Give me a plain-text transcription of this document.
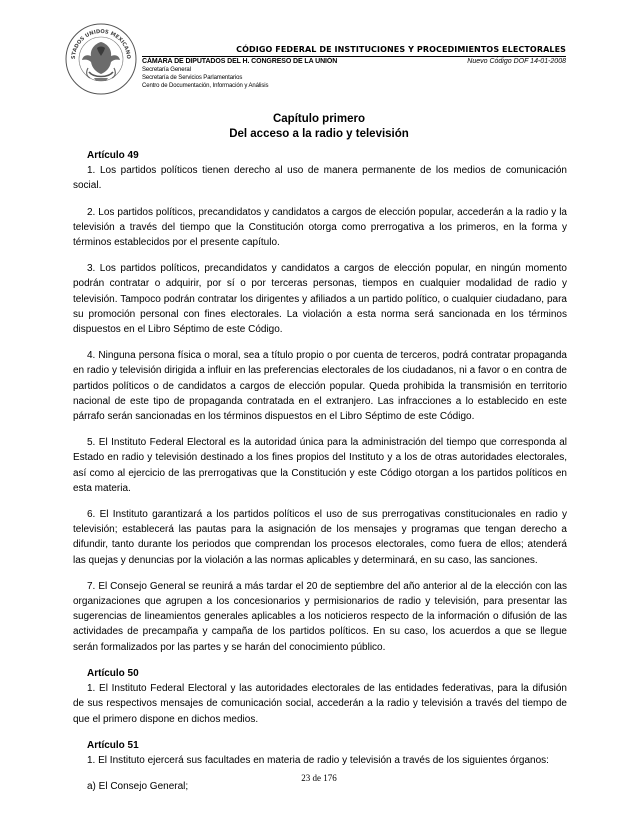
STADOS UNIDOS MEXICANO
CÓDIGO FEDERAL DE INSTITUCIONES Y PROCEDIMIENTOS ELECTORALES
CÁMARA DE DIPUTADOS DEL H. CONGRESO DE LA UNIÓN	Nuevo Código DOF 14-01-2008
Secretaría General
Secretaría de Servicios Parlamentarios
Centro de Documentación, Información y Análisis
Capítulo primero
Del acceso a la radio y televisión
Artículo 49

1. Los partidos políticos tienen derecho al uso de manera permanente de los medios de comunicación social.

2. Los partidos políticos, precandidatos y candidatos a cargos de elección popular, accederán a la radio y la televisión a través del tiempo que la Constitución otorga como prerrogativa a los primeros, en la forma y términos establecidos por el presente capítulo.

3. Los partidos políticos, precandidatos y candidatos a cargos de elección popular, en ningún momento podrán contratar o adquirir, por sí o por terceras personas, tiempos en cualquier modalidad de radio y televisión. Tampoco podrán contratar los dirigentes y afiliados a un partido político, o cualquier ciudadano, para su promoción personal con fines electorales. La violación a esta norma será sancionada en los términos dispuestos en el Libro Séptimo de este Código.

4. Ninguna persona física o moral, sea a título propio o por cuenta de terceros, podrá contratar propaganda en radio y televisión dirigida a influir en las preferencias electorales de los ciudadanos, ni a favor o en contra de partidos políticos o de candidatos a cargos de elección popular. Queda prohibida la transmisión en territorio nacional de este tipo de propaganda contratada en el extranjero. Las infracciones a lo establecido en este párrafo serán sancionadas en los términos dispuestos en el Libro Séptimo de este Código.

5. El Instituto Federal Electoral es la autoridad única para la administración del tiempo que corresponda al Estado en radio y televisión destinado a los fines propios del Instituto y a los de otras autoridades electorales, así como al ejercicio de las prerrogativas que la Constitución y este Código otorgan a los partidos políticos en esta materia.

6. El Instituto garantizará a los partidos políticos el uso de sus prerrogativas constitucionales en radio y televisión; establecerá las pautas para la asignación de los mensajes y programas que tengan derecho a difundir, tanto durante los periodos que comprendan los procesos electorales, como fuera de ellos; atenderá las quejas y denuncias por la violación a las normas aplicables y determinará, en su caso, las sanciones.

7. El Consejo General se reunirá a más tardar el 20 de septiembre del año anterior al de la elección con las organizaciones que agrupen a los concesionarios y permisionarios de radio y televisión, para presentar las sugerencias de lineamientos generales aplicables a los noticieros respecto de la información o difusión de las actividades de precampaña y campaña de los partidos políticos. En su caso, los acuerdos a que se llegue serán formalizados por las partes y se harán del conocimiento público.

Artículo 50

1. El Instituto Federal Electoral y las autoridades electorales de las entidades federativas, para la difusión de sus respectivos mensajes de comunicación social, accederán a la radio y televisión a través del tiempo de que el primero dispone en dichos medios.

Artículo 51

1. El Instituto ejercerá sus facultades en materia de radio y televisión a través de los siguientes órganos:

a) El Consejo General;
23 de 176
